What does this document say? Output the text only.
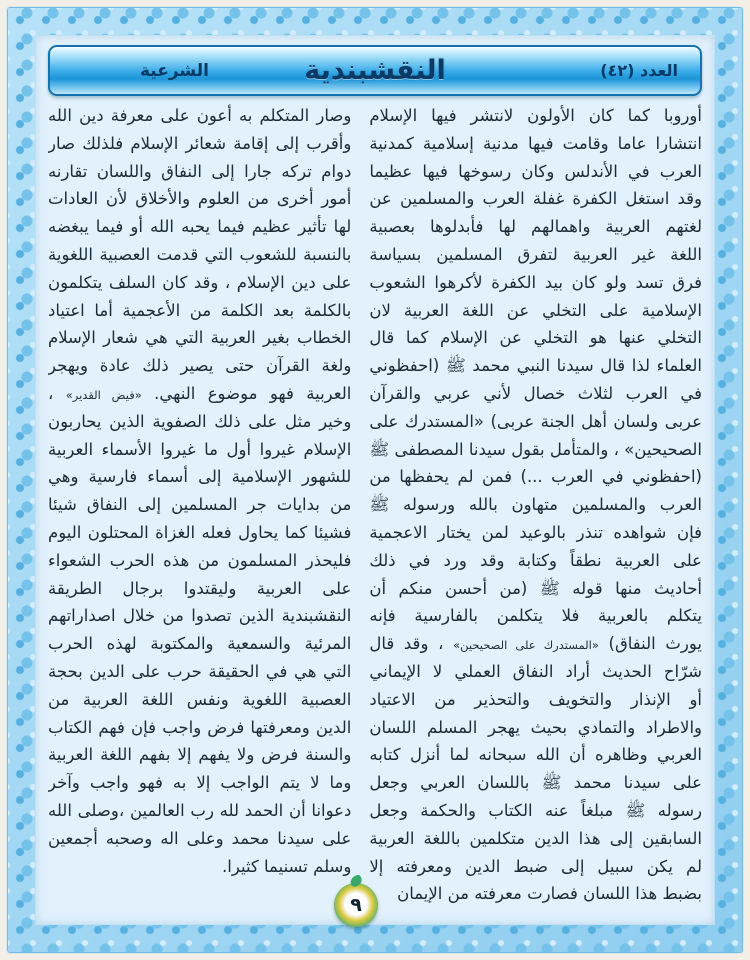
العدد (٤٢)
النقشبندية
الشرعية
أوروبا كما كان الأولون لانتشر فيها الإسلام
انتشارا عاما وقامت فيها مدنية إسلامية كمدنية
العرب في الأندلس وكان رسوخها فيها عظيما
وقد استغل الكفرة غفلة العرب والمسلمين عن
لغتهم العربية واهمالهم لها فأبدلوها بعصبية
اللغة غير العربية لتفرق المسلمين بسياسة
فرق تسد ولو كان بيد الكفرة لأكرهوا الشعوب
الإسلامية على التخلي عن اللغة العربية لان
التخلي عنها هو التخلي عن الإسلام كما قال
العلماء لذا قال سيدنا النبي محمد ﷺ (احفظوني
في العرب لثلاث خصال لأني عربي والقرآن
عربى ولسان أهل الجنة عربى) «المستدرك على
الصحيحين» ، والمتأمل بقول سيدنا المصطفى ﷺ
(احفظوني في العرب ...) فمن لم يحفظها من
العرب والمسلمين متهاون بالله ورسوله ﷺ
فإن شواهده تنذر بالوعيد لمن يختار الاعجمية
على العربية نطقاً وكتابة وقد ورد في ذلك
أحاديث منها قوله ﷺ (من أحسن منكم أن
يتكلم بالعربية فلا يتكلمن بالفارسية فإنه
يورث النفاق) «المستدرك على الصحيحين» ، وقد قال
شرّاح الحديث أراد النفاق العملي لا الإيماني
أو الإنذار والتخويف والتحذير من الاعتياد
والاطراد والتمادي بحيث يهجر المسلم اللسان
العربي وظاهره أن الله سبحانه لما أنزل كتابه
على سيدنا محمد ﷺ باللسان العربي وجعل
رسوله ﷺ مبلغاً عنه الكتاب والحكمة وجعل
السابقين إلى هذا الدين متكلمين باللغة العربية
لم يكن سبيل إلى ضبط الدين ومعرفته إلا
بضبط هذا اللسان فصارت معرفته من الإيمان
وصار المتكلم به أعون على معرفة دين الله
وأقرب إلى إقامة شعائر الإسلام فلذلك صار
دوام تركه جارا إلى النفاق واللسان تقارنه
أمور أخرى من العلوم والأخلاق لأن العادات
لها تأثير عظيم فيما يحبه الله أو فيما يبغضه
بالنسبة للشعوب التي قدمت العصبية اللغوية
على دين الإسلام ، وقد كان السلف يتكلمون
بالكلمة بعد الكلمة من الأعجمية أما اعتياد
الخطاب بغير العربية التي هي شعار الإسلام
ولغة القرآن حتى يصير ذلك عادة ويهجر
العربية فهو موضوع النهي. «فيض القدير» ،
وخير مثل على ذلك الصفوية الذين يحاربون
الإسلام غيروا أول ما غيروا الأسماء العربية
للشهور الإسلامية إلى أسماء فارسية وهي
من بدايات جر المسلمين إلى النفاق شيئا
فشيئا كما يحاول فعله الغزاة المحتلون اليوم
فليحذر المسلمون من هذه الحرب الشعواء
على العربية وليقتدوا برجال الطريقة
النقشبندية الذين تصدوا من خلال اصداراتهم
المرئية والسمعية والمكتوبة لهذه الحرب
التي هي في الحقيقة حرب على الدين بحجة
العصبية اللغوية ونفس اللغة العربية من
الدين ومعرفتها فرض واجب فإن فهم الكتاب
والسنة فرض ولا يفهم إلا بفهم اللغة العربية
وما لا يتم الواجب إلا به فهو واجب وآخر
دعوانا أن الحمد لله رب العالمين ،وصلى الله
على سيدنا محمد وعلى اله وصحبه أجمعين
وسلم تسنيما كثيرا.
٩
